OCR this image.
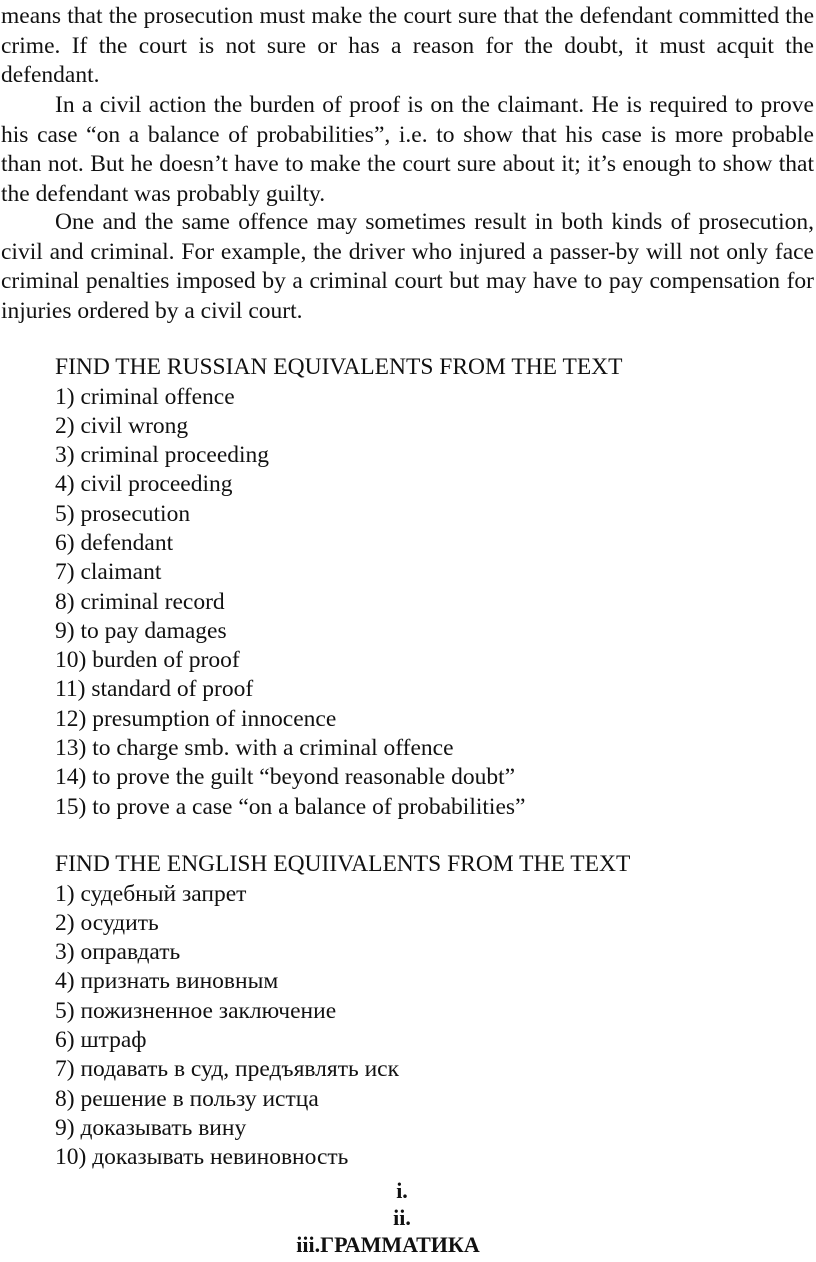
means that the prosecution must make the court sure that the defendant committed the crime. If the court is not sure or has a reason for the doubt, it must acquit the defendant.

In a civil action the burden of proof is on the claimant. He is required to prove his case “on a balance of probabilities”, i.e. to show that his case is more probable than not. But he doesn’t have to make the court sure about it; it’s enough to show that the defendant was probably guilty.

One and the same offence may sometimes result in both kinds of prosecution, civil and criminal. For example, the driver who injured a passer-by will not only face criminal penalties imposed by a criminal court but may have to pay compensation for injuries ordered by a civil court.

FIND THE RUSSIAN EQUIVALENTS FROM THE TEXT
1) criminal offence
2) civil wrong
3) criminal proceeding
4) civil proceeding
5) prosecution
6) defendant
7) claimant
8) criminal record
9) to pay damages
10) burden of proof
11) standard of proof
12) presumption of innocence
13) to charge smb. with a criminal offence
14) to prove the guilt “beyond reasonable doubt”
15) to prove a case “on a balance of probabilities”
FIND THE ENGLISH EQUIIVALENTS FROM THE TEXT
1) судебный запрет
2) осудить
3) оправдать
4) признать виновным
5) пожизненное заключение
6) штраф
7) подавать в суд, предъявлять иск
8) решение в пользу истца
9) доказывать вину
10) доказывать невиновность
i.
ii.
iii.ГРАММАТИКА
